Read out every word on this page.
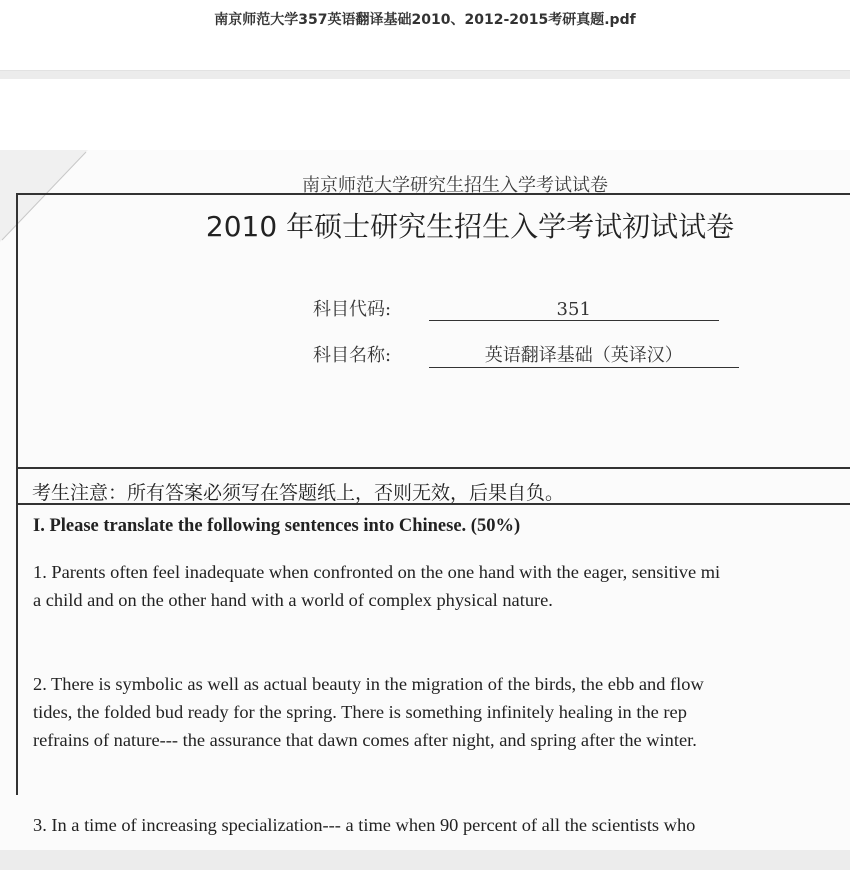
南京师范大学357英语翻译基础2010、2012-2015考研真题.pdf
南京师范大学研究生招生入学考试试卷
2010 年硕士研究生招生入学考试初试试卷
科目代码:	351
科目名称:	英语翻译基础（英译汉）
考生注意：所有答案必须写在答题纸上，否则无效，后果自负。
I. Please translate the following sentences into Chinese. (50%)
1. Parents often feel inadequate when confronted on the one hand with the eager, sensitive mi
a child and on the other hand with a world of complex physical nature.
2. There is symbolic as well as actual beauty in the migration of the birds, the ebb and flow
tides, the folded bud ready for the spring. There is something infinitely healing in the rep
refrains of nature--- the assurance that dawn comes after night, and spring after the winter.
3. In a time of increasing specialization--- a time when 90 percent of all the scientists who
